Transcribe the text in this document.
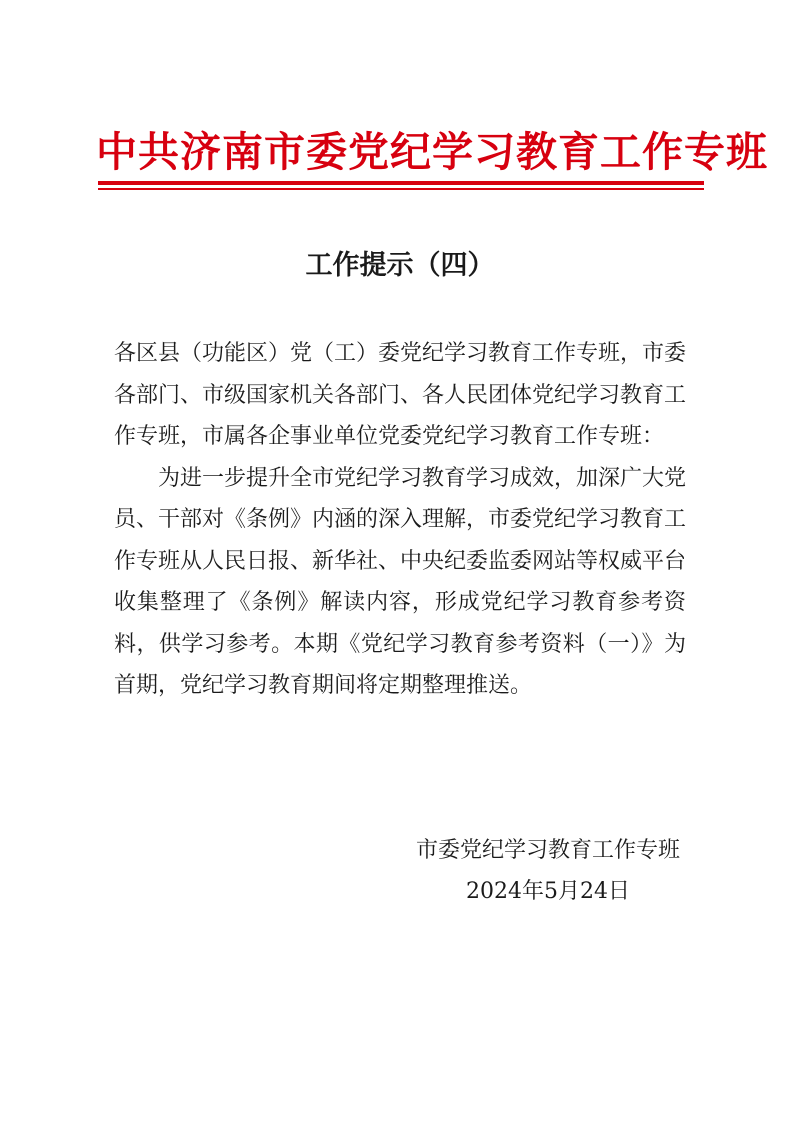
中共济南市委党纪学习教育工作专班
工作提示（四）

各区县（功能区）党（工）委党纪学习教育工作专班，市委各部门、市级国家机关各部门、各人民团体党纪学习教育工作专班，市属各企事业单位党委党纪学习教育工作专班：

为进一步提升全市党纪学习教育学习成效，加深广大党员、干部对《条例》内涵的深入理解，市委党纪学习教育工作专班从人民日报、新华社、中央纪委监委网站等权威平台收集整理了《条例》解读内容，形成党纪学习教育参考资料，供学习参考。本期《党纪学习教育参考资料（一）》为首期，党纪学习教育期间将定期整理推送。

市委党纪学习教育工作专班
2024年5月24日
